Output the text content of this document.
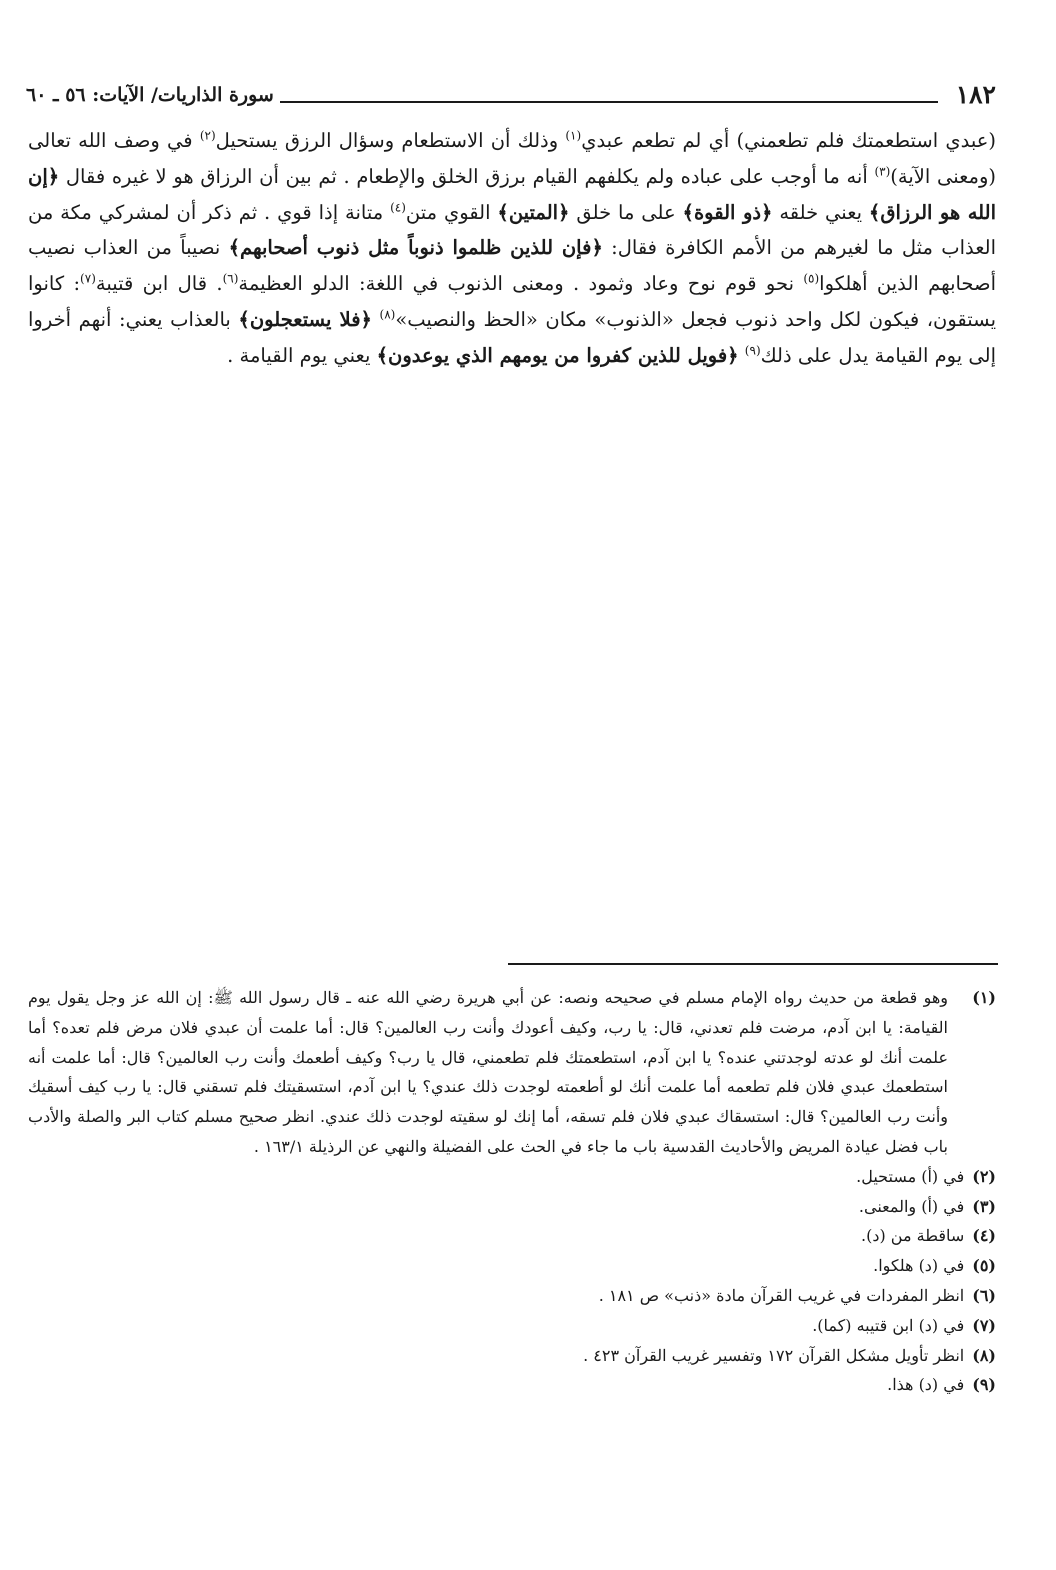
١٨٢
سورة الذاريات/ الآيات: ٥٦ ـ ٦٠

(عبدي استطعمتك فلم تطعمني) أي لم تطعم عبدي$^{(١)}$ وذلك أن الاستطعام وسؤال الرزق يستحيل$^{(٢)}$ في وصف الله تعالى (ومعنى الآية)$^{(٣)}$ أنه ما أوجب على عباده ولم يكلفهم القيام برزق الخلق والإطعام . ثم بين أن الرزاق هو لا غيره فقال ﴿إن الله هو الرزاق﴾ يعني خلقه ﴿ذو القوة﴾ على ما خلق ﴿المتين﴾ القوي متن$^{(٤)}$ متانة إذا قوي . ثم ذكر أن لمشركي مكة من العذاب مثل ما لغيرهم من الأمم الكافرة فقال: ﴿فإن للذين ظلموا ذنوباً مثل ذنوب أصحابهم﴾ نصيباً من العذاب نصيب أصحابهم الذين أهلكوا$^{(٥)}$ نحو قوم نوح وعاد وثمود . ومعنى الذنوب في اللغة: الدلو العظيمة$^{(٦)}$. قال ابن قتيبة$^{(٧)}$: كانوا يستقون، فيكون لكل واحد ذنوب فجعل «الذنوب» مكان «الحظ والنصيب»$^{(٨)}$ ﴿فلا يستعجلون﴾ بالعذاب يعني: أنهم أخروا إلى يوم القيامة يدل على ذلك$^{(٩)}$ ﴿فويل للذين كفروا من يومهم الذي يوعدون﴾ يعني يوم القيامة .

(١)
وهو قطعة من حديث رواه الإمام مسلم في صحيحه ونصه: عن أبي هريرة رضي الله عنه ـ قال رسول الله ﷺ: إن الله عز وجل يقول يوم القيامة: يا ابن آدم، مرضت فلم تعدني، قال: يا رب، وكيف أعودك وأنت رب العالمين؟ قال: أما علمت أن عبدي فلان مرض فلم تعده؟ أما علمت أنك لو عدته لوجدتني عنده؟ يا ابن آدم، استطعمتك فلم تطعمني، قال يا رب؟ وكيف أطعمك وأنت رب العالمين؟ قال: أما علمت أنه استطعمك عبدي فلان فلم تطعمه أما علمت أنك لو أطعمته لوجدت ذلك عندي؟ يا ابن آدم، استسقيتك فلم تسقني قال: يا رب كيف أسقيك وأنت رب العالمين؟ قال: استسقاك عبدي فلان فلم تسقه، أما إنك لو سقيته لوجدت ذلك عندي. انظر صحيح مسلم كتاب البر والصلة والأدب باب فضل عيادة المريض والأحاديث القدسية باب ما جاء في الحث على الفضيلة والنهي عن الرذيلة ١٦٣/١ .
(٢)
في (أ) مستحيل.
(٣)
في (أ) والمعنى.
(٤)
ساقطة من (د).
(٥)
في (د) هلكوا.
(٦)
انظر المفردات في غريب القرآن مادة «ذنب» ص ١٨١ .
(٧)
في (د) ابن قتيبه (كما).
(٨)
انظر تأويل مشكل القرآن ١٧٢ وتفسير غريب القرآن ٤٢٣ .
(٩)
في (د) هذا.
